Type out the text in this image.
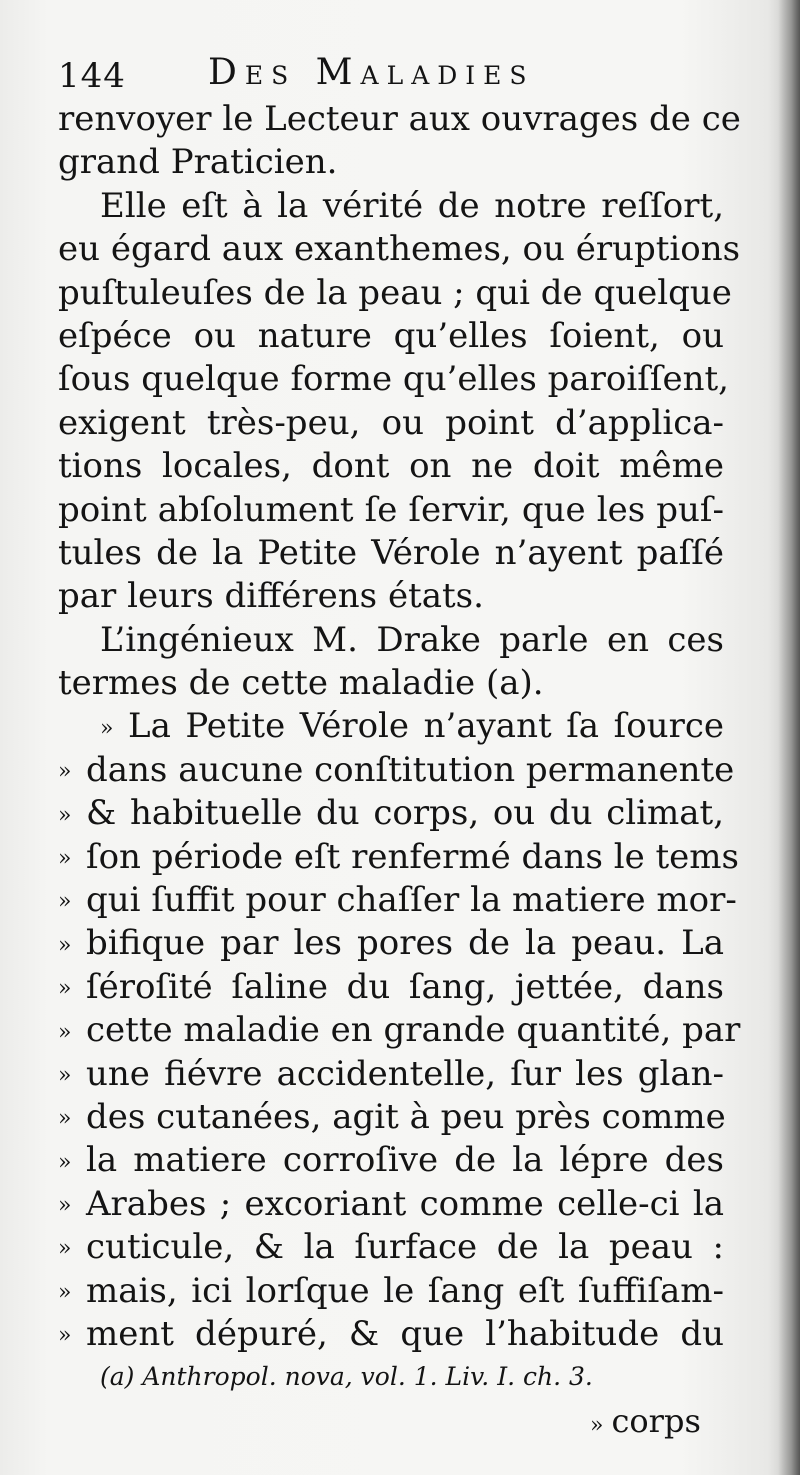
144 Des Maladies
renvoyer le Lecteur aux ouvrages de ce
grand Praticien.
Elle eſt à la vérité de notre reſſort,
eu égard aux exanthemes, ou éruptions
puſtuleuſes de la peau ; qui de quelque
eſpéce ou nature qu’elles ſoient, ou
ſous quelque forme qu’elles paroiſſent,
exigent très-peu, ou point d’applica-
tions locales, dont on ne doit même
point abſolument ſe ſervir, que les puſ-
tules de la Petite Vérole n’ayent paſſé
par leurs différens états.
L’ingénieux M. Drake parle en ces
termes de cette maladie (a).
» La Petite Vérole n’ayant ſa ſource
» dans aucune conſtitution permanente
» & habituelle du corps, ou du climat,
» ſon période eſt renfermé dans le tems
» qui ſuffit pour chaſſer la matiere mor-
» bifique par les pores de la peau. La
» ſéroſité ſaline du ſang, jettée, dans
» cette maladie en grande quantité, par
» une fiévre accidentelle, ſur les glan-
» des cutanées, agit à peu près comme
» la matiere corroſive de la lépre des
» Arabes ; excoriant comme celle-ci la
» cuticule, & la ſurface de la peau :
» mais, ici lorſque le ſang eſt ſuffiſam-
» ment dépuré, & que l’habitude du
(a) Anthropol. nova, vol. 1. Liv. I. ch. 3.
» corps
